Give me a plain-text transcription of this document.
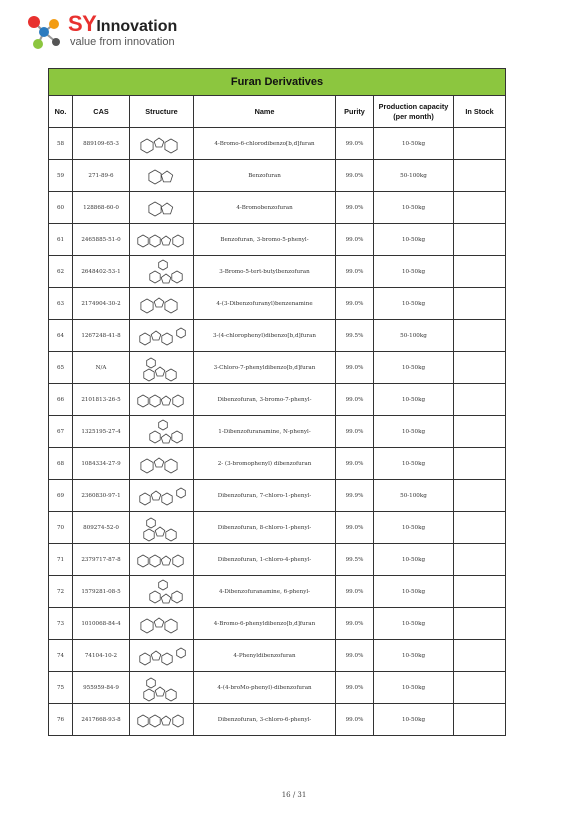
SYInnovation
value from innovation
Furan Derivatives						
No.	CAS	Structure	Name	Purity	Production capacity (per month)	In Stock
58	889109-65-3		4-Bromo-6-chlorodibenzo[b,d]furan	99.0%	10-50kg	
59	271-89-6		Benzofuran	99.0%	50-100kg	
60	128868-60-0		4-Bromobenzofuran	99.0%	10-50kg	
61	2465885-51-0		Benzofuran, 3-bromo-5-phenyl-	99.0%	10-50kg	
62	2648402-53-1		3-Bromo-5-tert-butylbenzofuran	99.0%	10-50kg	
63	2174904-30-2		4-(3-Dibenzofuranyl)benzenamine	99.0%	10-50kg	
64	1267248-41-8		3-(4-chlorophenyl)dibenzo[b,d]furan	99.5%	50-100kg	
65	N/A		3-Chloro-7-phenyldibenzo[b,d]furan	99.0%	10-50kg	
66	2101813-26-5		Dibenzofuran, 3-bromo-7-phenyl-	99.0%	10-50kg	
67	1325195-27-4		1-Dibenzofuranamine, N-phenyl-	99.0%	10-50kg	
68	1084334-27-9		2- (3-bromophenyl) dibenzofuran	99.0%	10-50kg	
69	2360830-97-1		Dibenzofuran, 7-chloro-1-phenyl-	99.9%	50-100kg	
70	809274-52-0		Dibenzofuran, 8-chloro-1-phenyl-	99.0%	10-50kg	
71	2379717-87-8		Dibenzofuran, 1-chloro-4-phenyl-	99.5%	10-50kg	
72	1579281-08-5		4-Dibenzofuranamine, 6-phenyl-	99.0%	10-50kg	
73	1010068-84-4		4-Bromo-6-phenyldibenzo[b,d]furan	99.0%	10-50kg	
74	74104-10-2		4-Phenyldibenzofuran	99.0%	10-50kg	
75	955959-84-9		4-(4-broMo-phenyl)-dibenzofuran	99.0%	10-50kg	
76	2417668-93-8		Dibenzofuran, 3-chloro-6-phenyl-	99.0%	10-50kg	
16 / 31
